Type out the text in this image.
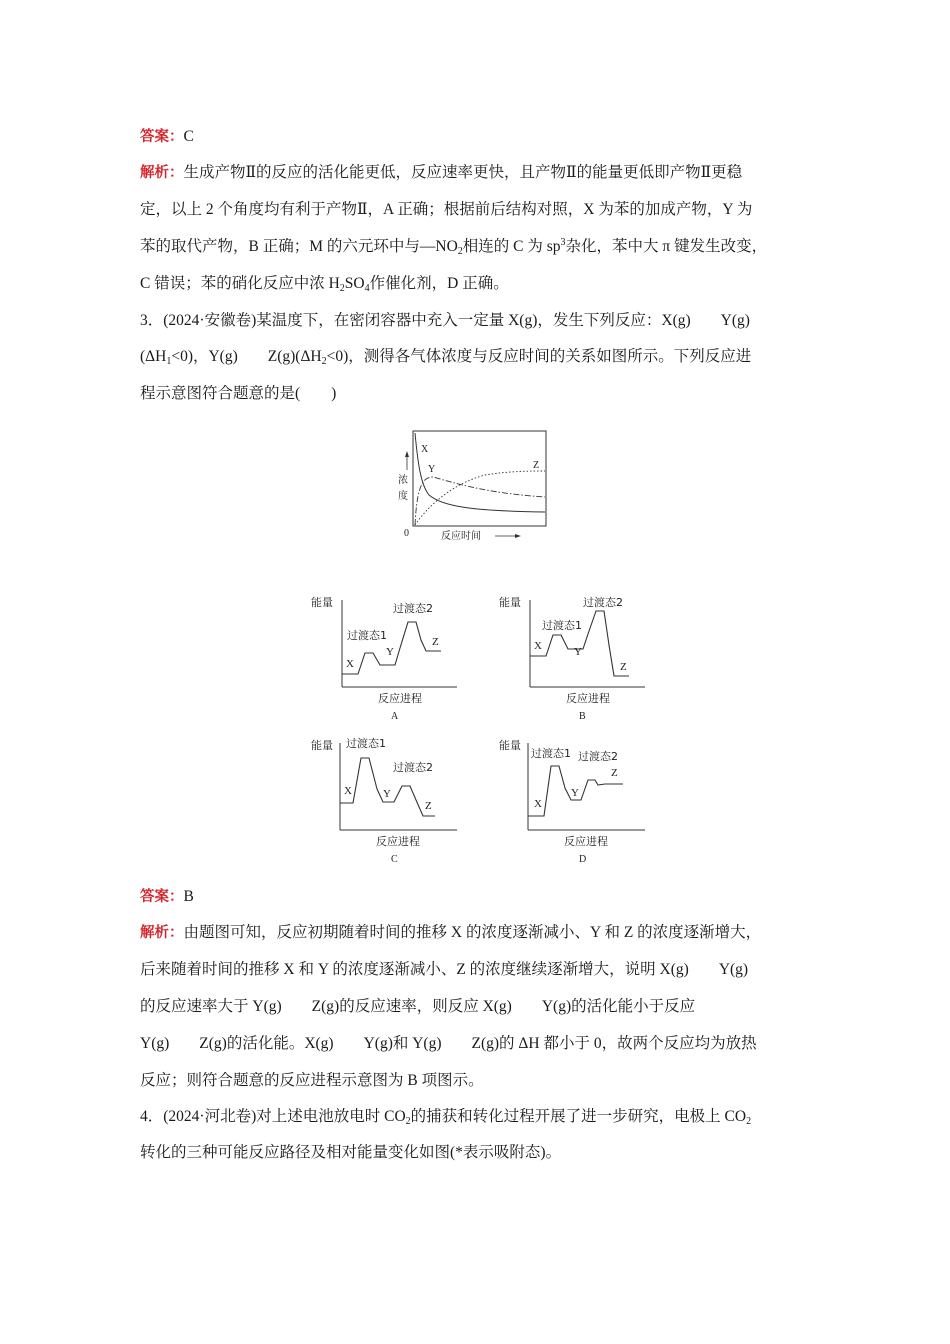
答案：C
解析：生成产物Ⅱ的反应的活化能更低，反应速率更快，且产物Ⅱ的能量更低即产物Ⅱ更稳
定，以上 2 个角度均有利于产物Ⅱ，A 正确；根据前后结构对照，X 为苯的加成产物，Y 为
苯的取代产物，B 正确；M 的六元环中与$—NO_2$相连的 C 为 $sp^3$杂化，苯中大 π 键发生改变，
C 错误；苯的硝化反应中浓 $H_2SO_4$作催化剂，D 正确。
3．(2024·安徽卷)某温度下，在密闭容器中充入一定量 X(g)，发生下列反应：X(g) Y(g)
$(\Delta H_1<0)$，Y(g) $Z(g)(\Delta H_2<0)$，测得各气体浓度与反应时间的关系如图所示。下列反应进
程示意图符合题意的是(　　)
浓
度
0	反应时间
X
Y	Z
能量
反应进程
A
X
过渡态1
Y
过渡态2
Z
能量
反应进程
B
X
过渡态1
Y
过渡态2
Z
能量
反应进程
C
X
过渡态1
Y
过渡态2
Z
能量
反应进程
D
X
过渡态1
Y
过渡态2
Z
答案：B
解析：由题图可知，反应初期随着时间的推移 X 的浓度逐渐减小、Y 和 Z 的浓度逐渐增大，
后来随着时间的推移 X 和 Y 的浓度逐渐减小、Z 的浓度继续逐渐增大，说明 X(g) Y(g)
的反应速率大于 Y(g) Z(g)的反应速率，则反应 X(g) Y(g)的活化能小于反应
Y(g) Z(g)的活化能。X(g) Y(g)和 Y(g) Z(g)的 ΔH 都小于 0，故两个反应均为放热
反应；则符合题意的反应进程示意图为 B 项图示。
4．(2024·河北卷)对上述电池放电时 $CO_2$的捕获和转化过程开展了进一步研究，电极上 $CO_2$
转化的三种可能反应路径及相对能量变化如图(*表示吸附态)。
